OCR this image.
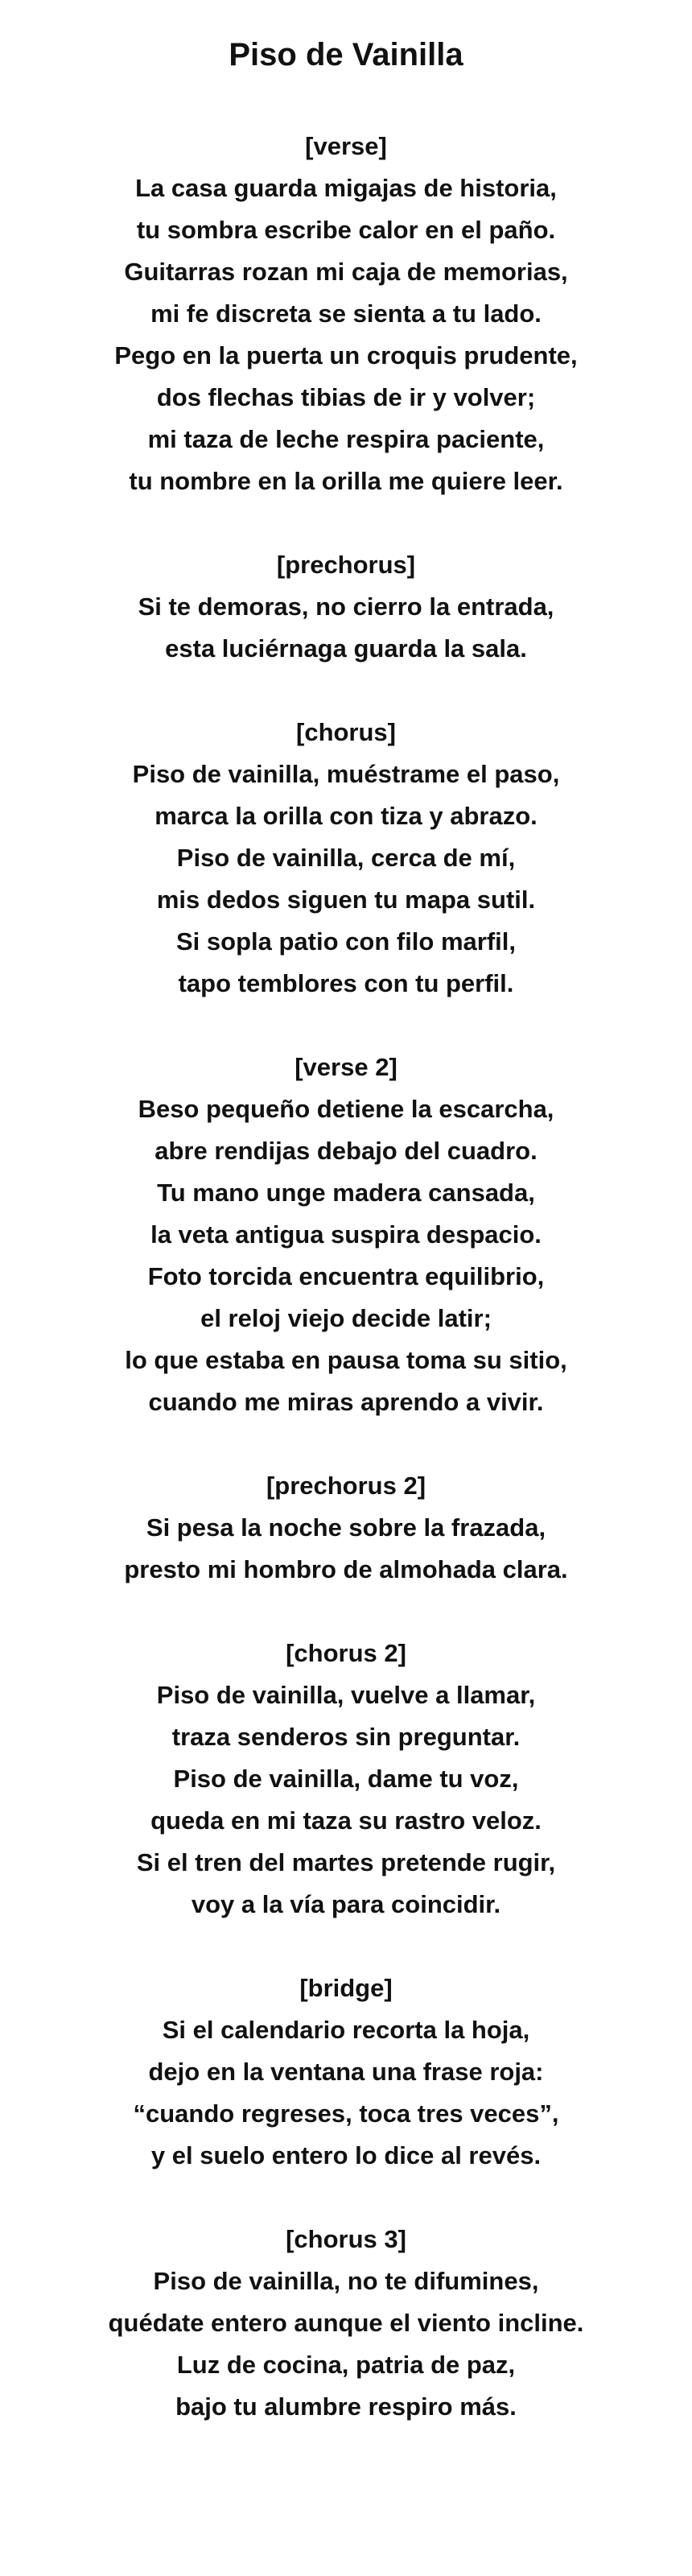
Piso de Vainilla

[verse]

La casa guarda migajas de historia,

tu sombra escribe calor en el paño.

Guitarras rozan mi caja de memorias,

mi fe discreta se sienta a tu lado.

Pego en la puerta un croquis prudente,

dos flechas tibias de ir y volver;

mi taza de leche respira paciente,

tu nombre en la orilla me quiere leer.

[prechorus]

Si te demoras, no cierro la entrada,

esta luciérnaga guarda la sala.

[chorus]

Piso de vainilla, muéstrame el paso,

marca la orilla con tiza y abrazo.

Piso de vainilla, cerca de mí,

mis dedos siguen tu mapa sutil.

Si sopla patio con filo marfil,

tapo temblores con tu perfil.

[verse 2]

Beso pequeño detiene la escarcha,

abre rendijas debajo del cuadro.

Tu mano unge madera cansada,

la veta antigua suspira despacio.

Foto torcida encuentra equilibrio,

el reloj viejo decide latir;

lo que estaba en pausa toma su sitio,

cuando me miras aprendo a vivir.

[prechorus 2]

Si pesa la noche sobre la frazada,

presto mi hombro de almohada clara.

[chorus 2]

Piso de vainilla, vuelve a llamar,

traza senderos sin preguntar.

Piso de vainilla, dame tu voz,

queda en mi taza su rastro veloz.

Si el tren del martes pretende rugir,

voy a la vía para coincidir.

[bridge]

Si el calendario recorta la hoja,

dejo en la ventana una frase roja:

“cuando regreses, toca tres veces”,

y el suelo entero lo dice al revés.

[chorus 3]

Piso de vainilla, no te difumines,

quédate entero aunque el viento incline.

Luz de cocina, patria de paz,

bajo tu alumbre respiro más.
